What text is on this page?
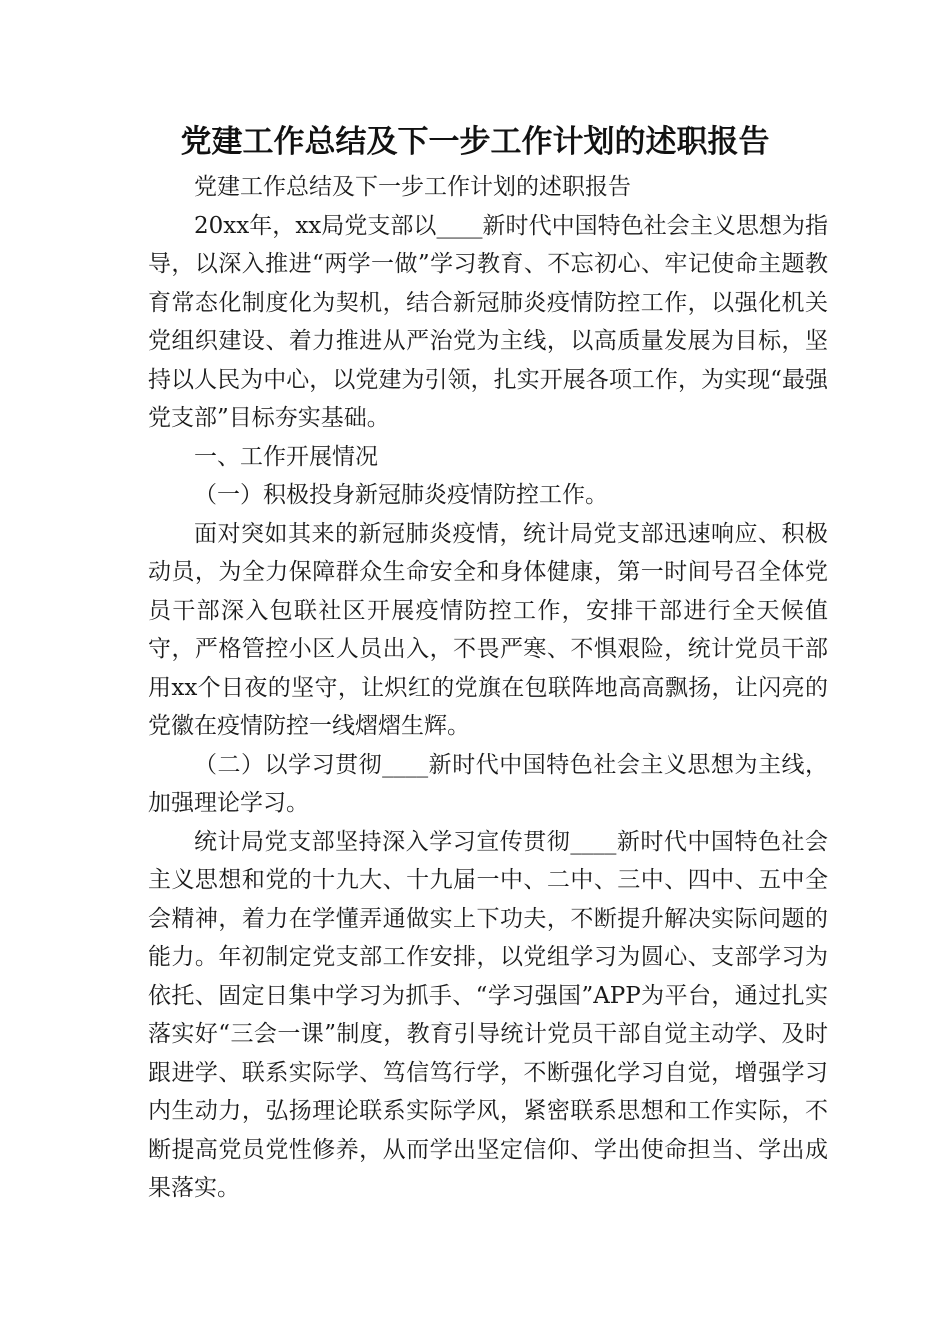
党建工作总结及下一步工作计划的述职报告

党建工作总结及下一步工作计划的述职报告

20xx年，xx局党支部以____新时代中国特色社会主义思想为指导，以深入推进“两学一做”学习教育、不忘初心、牢记使命主题教育常态化制度化为契机，结合新冠肺炎疫情防控工作，以强化机关党组织建设、着力推进从严治党为主线，以高质量发展为目标，坚持以人民为中心，以党建为引领，扎实开展各项工作，为实现“最强党支部”目标夯实基础。

一、工作开展情况

（一）积极投身新冠肺炎疫情防控工作。

面对突如其来的新冠肺炎疫情，统计局党支部迅速响应、积极动员，为全力保障群众生命安全和身体健康，第一时间号召全体党员干部深入包联社区开展疫情防控工作，安排干部进行全天候值守，严格管控小区人员出入，不畏严寒、不惧艰险，统计党员干部用xx个日夜的坚守，让炽红的党旗在包联阵地高高飘扬，让闪亮的党徽在疫情防控一线熠熠生辉。

（二）以学习贯彻____新时代中国特色社会主义思想为主线，加强理论学习。

统计局党支部坚持深入学习宣传贯彻____新时代中国特色社会主义思想和党的十九大、十九届一中、二中、三中、四中、五中全会精神，着力在学懂弄通做实上下功夫，不断提升解决实际问题的能力。年初制定党支部工作安排，以党组学习为圆心、支部学习为依托、固定日集中学习为抓手、“学习强国”APP为平台，通过扎实落实好“三会一课”制度，教育引导统计党员干部自觉主动学、及时跟进学、联系实际学、笃信笃行学，不断强化学习自觉，增强学习内生动力，弘扬理论联系实际学风，紧密联系思想和工作实际，不断提高党员党性修养，从而学出坚定信仰、学出使命担当、学出成果落实。
